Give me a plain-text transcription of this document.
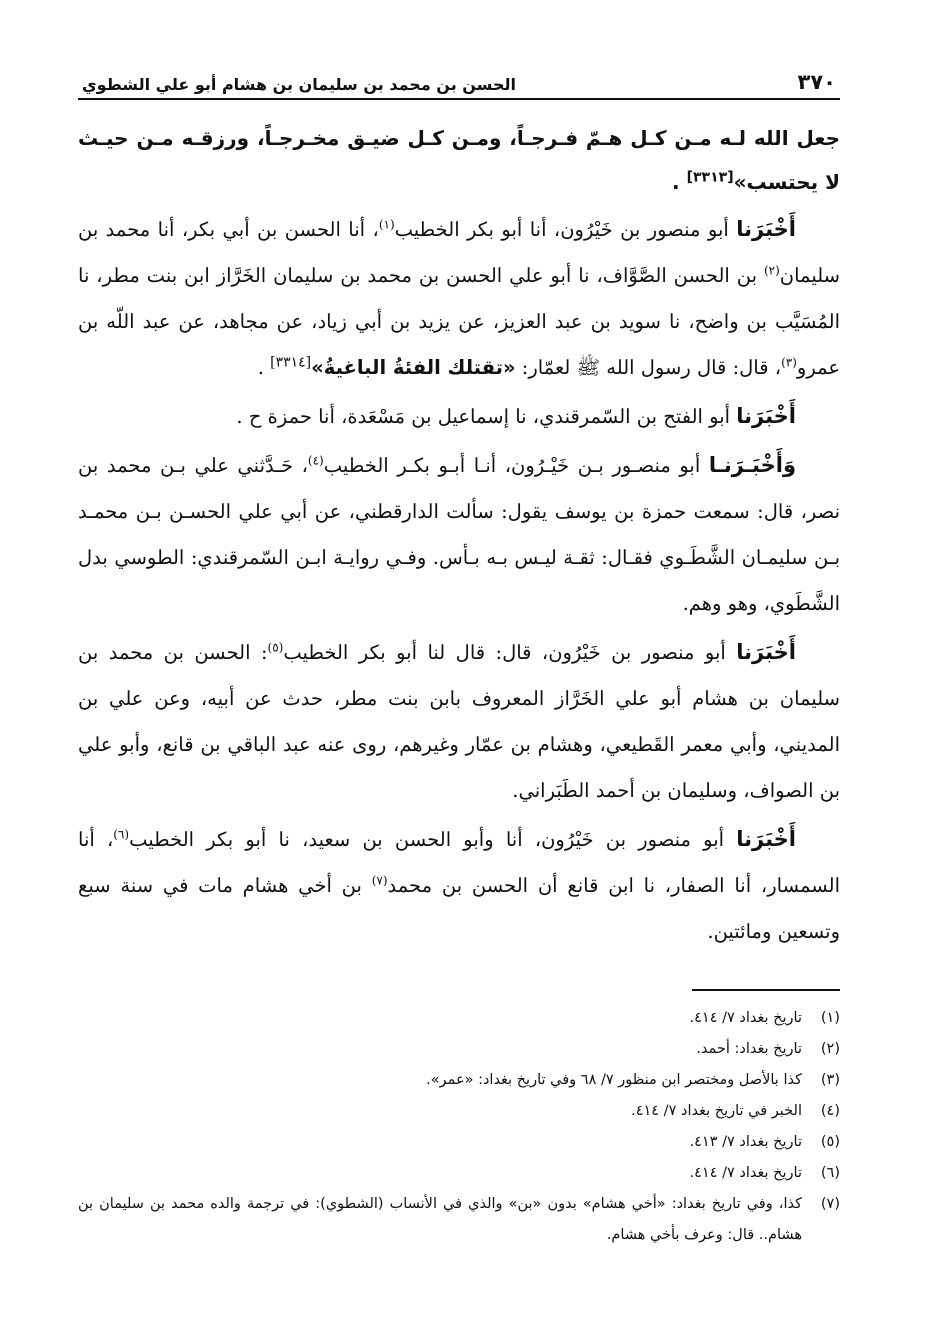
٣٧٠
الحسن بن محمد بن سليمان بن هشام أبو علي الشطوي

جعل الله لـه مـن كـل هـمّ فـرجـاً، ومـن كـل ضيـق مخـرجـاً، ورزقـه مـن حيـث لا يحتسب»[٣٣١٣] .

أَخْبَرَنا أبو منصور بن خَيْرُون، أنا أبو بكر الخطيب$^{(١)}$، أنا الحسن بن أبي بكر، أنا محمد بن سليمان$^{(٢)}$ بن الحسن الصَّوَّاف، نا أبو علي الحسن بن محمد بن سليمان الخَرَّاز ابن بنت مطر، نا المُسَيَّب بن واضح، نا سويد بن عبد العزيز، عن يزيد بن أبي زياد، عن مجاهد، عن عبد اللّه بن عمرو$^{(٣)}$، قال: قال رسول الله ﷺ لعمّار: «تقتلك الفئةُ الباغيةُ»[٣٣١٤] .

أَخْبَرَنا أبو الفتح بن السّمرقندي، نا إسماعيل بن مَسْعَدة، أنا حمزة ح .

وَأَخْبَـرَنـا أبو منصـور بـن خَيْـرُون، أنـا أبـو بكـر الخطيب$^{(٤)}$، حَـدَّثني علي بـن محمد بن نصر، قال: سمعت حمزة بن يوسف يقول: سألت الدارقطني، عن أبي علي الحسـن بـن محمـد بـن سليمـان الشَّطَـوي فقـال: ثقـة ليـس بـه بـأس. وفـي روايـة ابـن السّمرقندي: الطوسي بدل الشَّطَوي، وهو وهم.

أَخْبَرَنا أبو منصور بن خَيْرُون، قال: قال لنا أبو بكر الخطيب$^{(٥)}$: الحسن بن محمد بن سليمان بن هشام أبو علي الخَرَّاز المعروف بابن بنت مطر، حدث عن أبيه، وعن علي بن المديني، وأبي معمر القَطيعي، وهشام بن عمّار وغيرهم، روى عنه عبد الباقي بن قانع، وأبو علي بن الصواف، وسليمان بن أحمد الطَبَراني.

أَخْبَرَنا أبو منصور بن خَيْرُون، أنا وأبو الحسن بن سعيد، نا أبو بكر الخطيب$^{(٦)}$، أنا السمسار، أنا الصفار، نا ابن قانع أن الحسن بن محمد$^{(٧)}$ بن أخي هشام مات في سنة سبع وتسعين ومائتين.

(١)
تاريخ بغداد ٧/ ٤١٤.
(٢)
تاريخ بغداد: أحمد.
(٣)
كذا بالأصل ومختصر ابن منظور ٧/ ٦٨ وفي تاريخ بغداد: «عمر».
(٤)
الخبر في تاريخ بغداد ٧/ ٤١٤.
(٥)
تاريخ بغداد ٧/ ٤١٣.
(٦)
تاريخ بغداد ٧/ ٤١٤.
(٧)
كذا، وفي تاريخ بغداد: «أخي هشام» بدون «بن» والذي في الأنساب (الشطوي): في ترجمة والده محمد بن سليمان بن هشام.. قال: وعرف بأخي هشام.
